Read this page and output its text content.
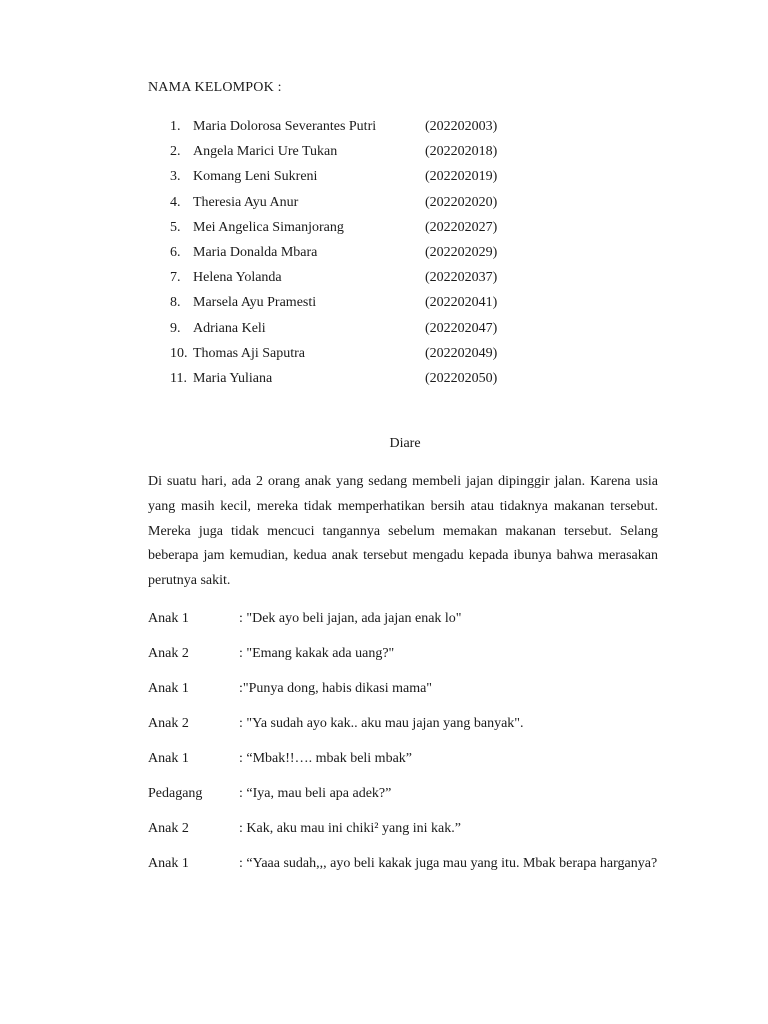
NAMA KELOMPOK :
1. Maria Dolorosa Severantes Putri	(202202003)
2. Angela Marici Ure Tukan	(202202018)
3. Komang Leni Sukreni	(202202019)
4. Theresia Ayu Anur	(202202020)
5. Mei Angelica Simanjorang	(202202027)
6. Maria Donalda Mbara	(202202029)
7. Helena Yolanda	(202202037)
8. Marsela Ayu Pramesti	(202202041)
9. Adriana Keli	(202202047)
10. Thomas Aji Saputra	(202202049)
11. Maria Yuliana	(202202050)
Diare

Di suatu hari, ada 2 orang anak yang sedang membeli jajan dipinggir jalan. Karena usia yang masih kecil, mereka tidak memperhatikan bersih atau tidaknya makanan tersebut. Mereka juga tidak mencuci tangannya sebelum memakan makanan tersebut. Selang beberapa jam kemudian, kedua anak tersebut mengadu kepada ibunya bahwa merasakan perutnya sakit.

Anak 1	: "Dek ayo beli jajan, ada jajan enak lo"
Anak 2	: "Emang kakak ada uang?"
Anak 1	:"Punya dong, habis dikasi mama"
Anak 2	: "Ya sudah ayo kak.. aku mau jajan yang banyak".
Anak 1	: “Mbak!!…. mbak beli mbak”
Pedagang	: “Iya, mau beli apa adek?”
Anak 2	: Kak, aku mau ini chiki² yang ini kak.”
Anak 1	: “Yaaa sudah,,, ayo beli kakak juga mau yang itu. Mbak berapa harganya?
